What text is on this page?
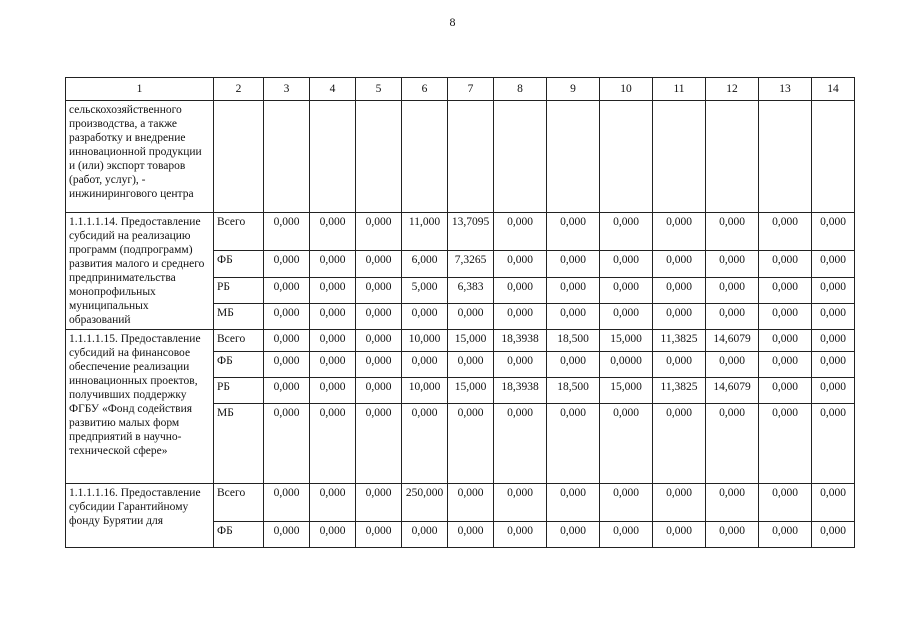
8
1	2	3	4	5	6	7	8	9	10	11	12	13	14	
сельскохозяйственного производства, а также разработку и внедрение инновационной продукции и (или) экспорт товаров (работ, услуг), - инжинирингового центра														
1.1.1.1.14. Предоставление субсидий на реализацию программ (подпрограмм) развития малого и среднего предпринимательства монопрофильных муниципальных образований	Всего	0,000	0,000	0,000	11,000	13,7095	0,000	0,000	0,000	0,000	0,000	0,000	0,000	
	ФБ	0,000	0,000	0,000	6,000	7,3265	0,000	0,000	0,000	0,000	0,000	0,000	0,000	
	РБ	0,000	0,000	0,000	5,000	6,383	0,000	0,000	0,000	0,000	0,000	0,000	0,000	
	МБ	0,000	0,000	0,000	0,000	0,000	0,000	0,000	0,000	0,000	0,000	0,000	0,000	
1.1.1.1.15. Предоставление субсидий на финансовое обеспечение реализации инновационных проектов, получивших поддержку ФГБУ «Фонд содействия развитию малых форм предприятий в научно-технической сфере»	Всего	0,000	0,000	0,000	10,000	15,000	18,3938	18,500	15,000	11,3825	14,6079	0,000	0,000	
	ФБ	0,000	0,000	0,000	0,000	0,000	0,000	0,000	0,0000	0,000	0,000	0,000	0,000	
	РБ	0,000	0,000	0,000	10,000	15,000	18,3938	18,500	15,000	11,3825	14,6079	0,000	0,000	
	МБ	0,000	0,000	0,000	0,000	0,000	0,000	0,000	0,000	0,000	0,000	0,000	0,000	
1.1.1.1.16. Предоставление субсидии Гарантийному фонду Бурятии для	Всего	0,000	0,000	0,000	250,000	0,000	0,000	0,000	0,000	0,000	0,000	0,000	0,000	
	ФБ	0,000	0,000	0,000	0,000	0,000	0,000	0,000	0,000	0,000	0,000	0,000	0,000	
